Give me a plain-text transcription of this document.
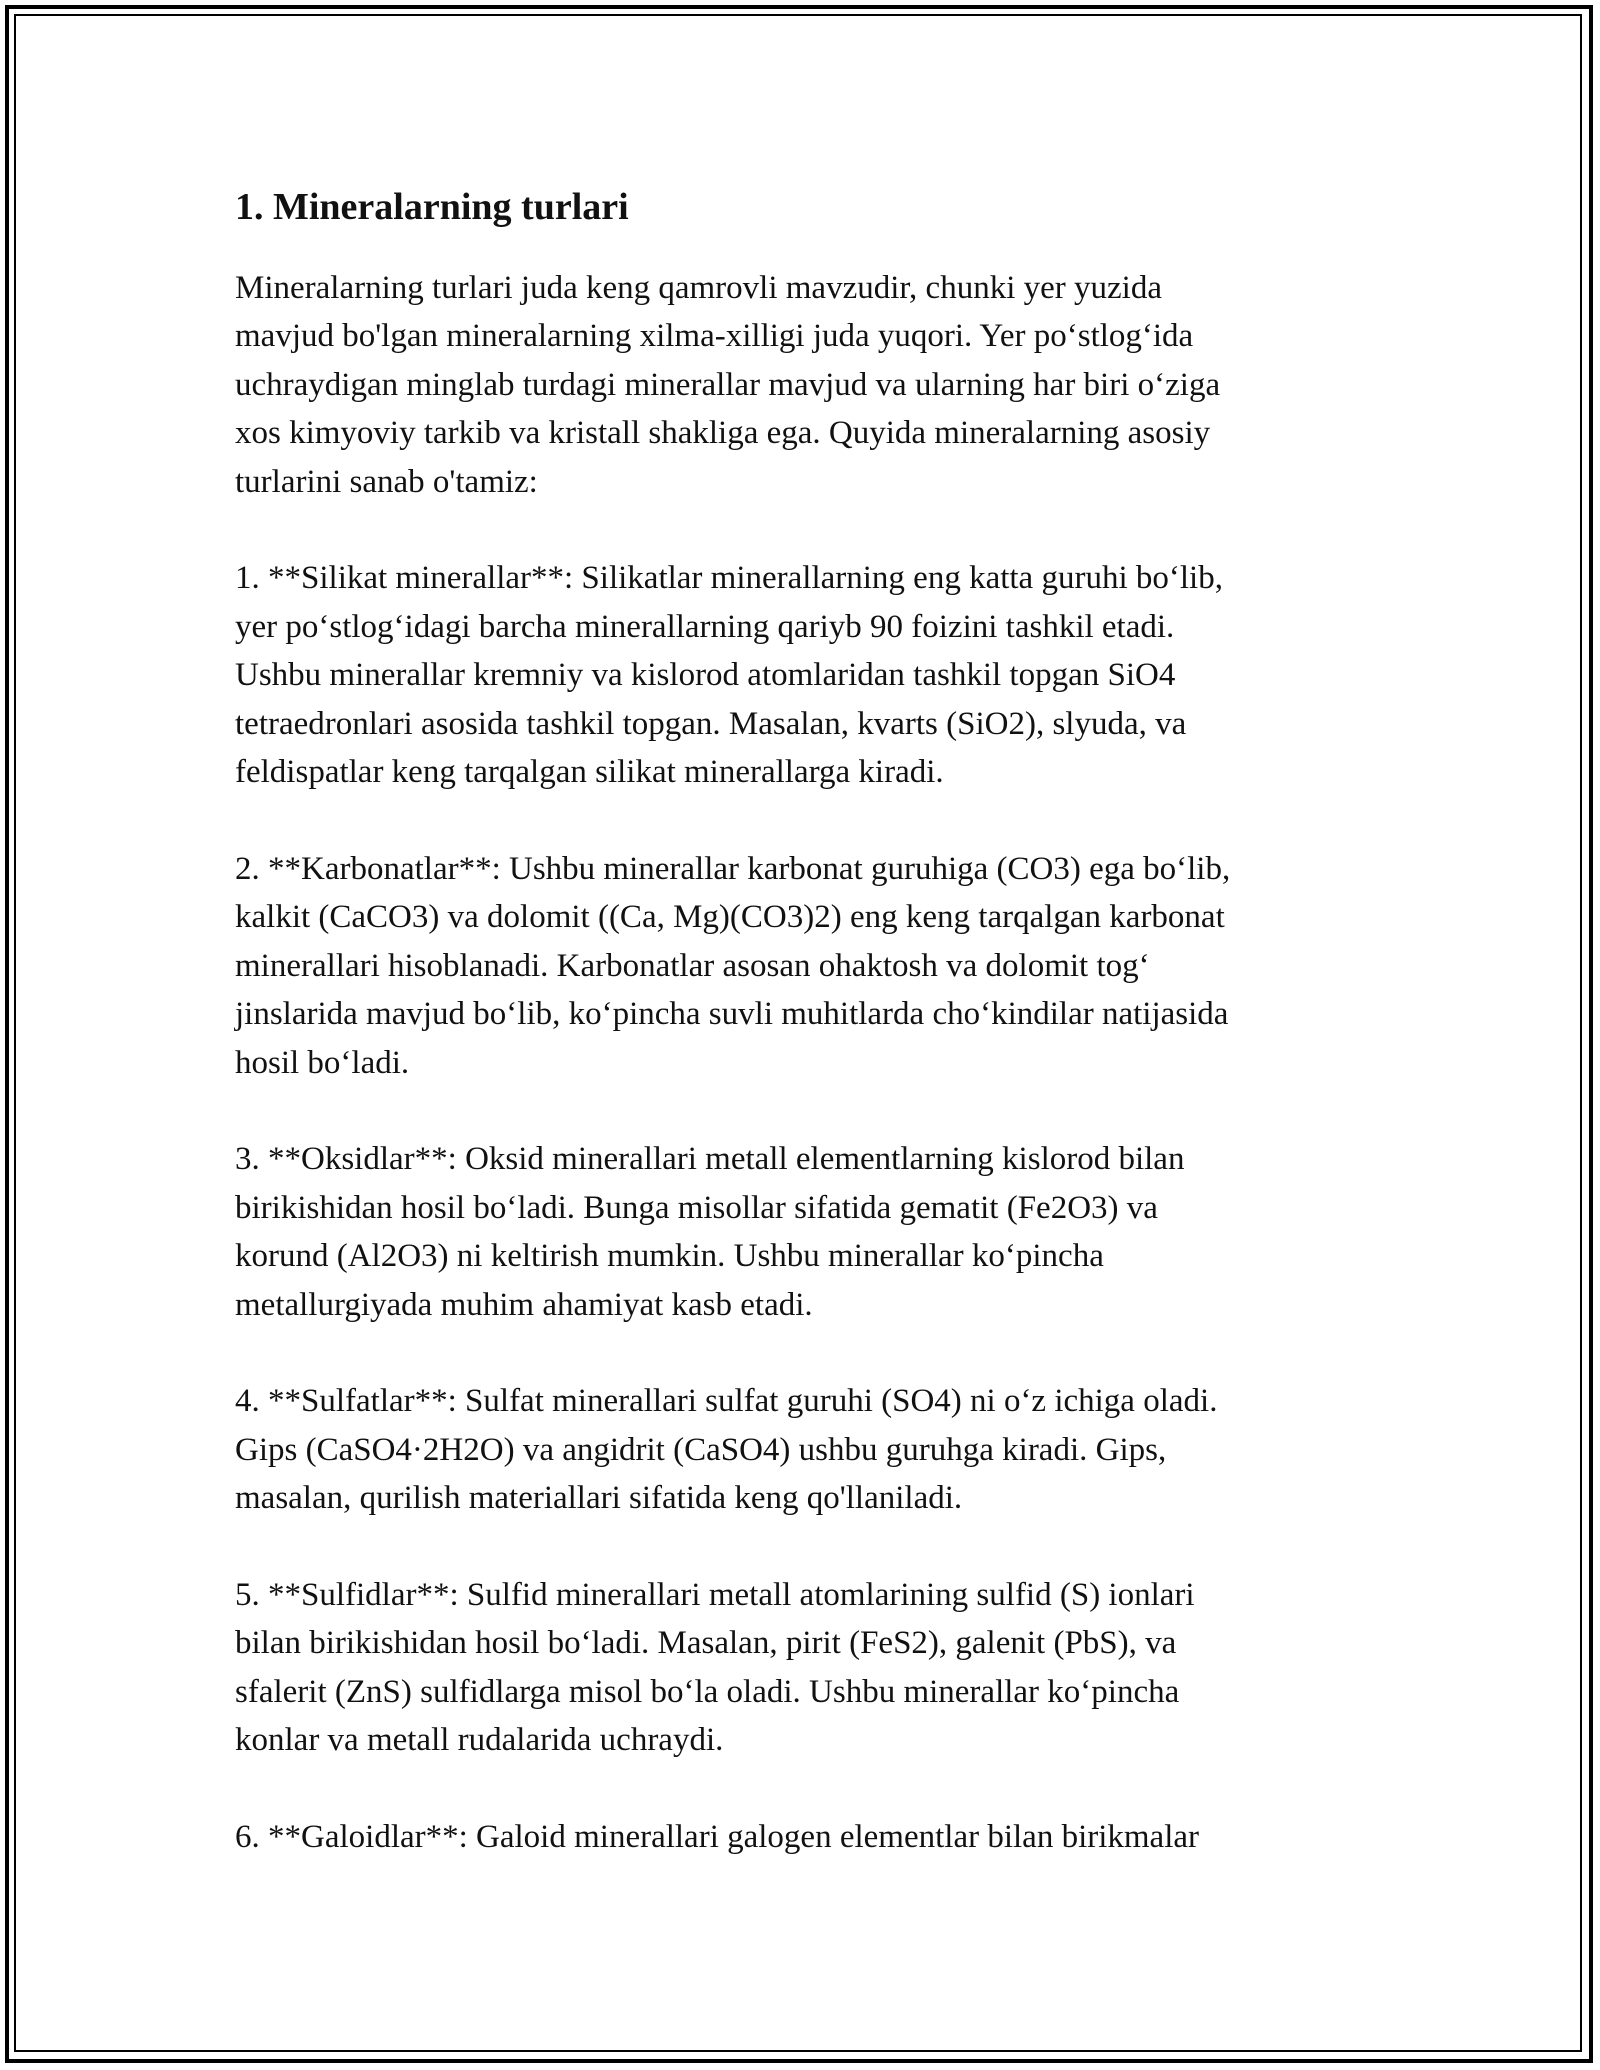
1. Mineralarning turlari

Mineralarning turlari juda keng qamrovli mavzudir, chunki yer yuzida
mavjud bo'lgan mineralarning xilma-xilligi juda yuqori. Yer po‘stlog‘ida
uchraydigan minglab turdagi minerallar mavjud va ularning har biri o‘ziga
xos kimyoviy tarkib va kristall shakliga ega. Quyida mineralarning asosiy
turlarini sanab o'tamiz:

1. **Silikat minerallar**: Silikatlar minerallarning eng katta guruhi bo‘lib,
yer po‘stlog‘idagi barcha minerallarning qariyb 90 foizini tashkil etadi.
Ushbu minerallar kremniy va kislorod atomlaridan tashkil topgan SiO4
tetraedronlari asosida tashkil topgan. Masalan, kvarts (SiO2), slyuda, va
feldispatlar keng tarqalgan silikat minerallarga kiradi.

2. **Karbonatlar**: Ushbu minerallar karbonat guruhiga (CO3) ega bo‘lib,
kalkit (CaCO3) va dolomit ((Ca, Mg)(CO3)2) eng keng tarqalgan karbonat
minerallari hisoblanadi. Karbonatlar asosan ohaktosh va dolomit tog‘
jinslarida mavjud bo‘lib, ko‘pincha suvli muhitlarda cho‘kindilar natijasida
hosil bo‘ladi.

3. **Oksidlar**: Oksid minerallari metall elementlarning kislorod bilan
birikishidan hosil bo‘ladi. Bunga misollar sifatida gematit (Fe2O3) va
korund (Al2O3) ni keltirish mumkin. Ushbu minerallar ko‘pincha
metallurgiyada muhim ahamiyat kasb etadi.

4. **Sulfatlar**: Sulfat minerallari sulfat guruhi (SO4) ni o‘z ichiga oladi.
Gips (CaSO4·2H2O) va angidrit (CaSO4) ushbu guruhga kiradi. Gips,
masalan, qurilish materiallari sifatida keng qo'llaniladi.

5. **Sulfidlar**: Sulfid minerallari metall atomlarining sulfid (S) ionlari
bilan birikishidan hosil bo‘ladi. Masalan, pirit (FeS2), galenit (PbS), va
sfalerit (ZnS) sulfidlarga misol bo‘la oladi. Ushbu minerallar ko‘pincha
konlar va metall rudalarida uchraydi.

6. **Galoidlar**: Galoid minerallari galogen elementlar bilan birikmalar
